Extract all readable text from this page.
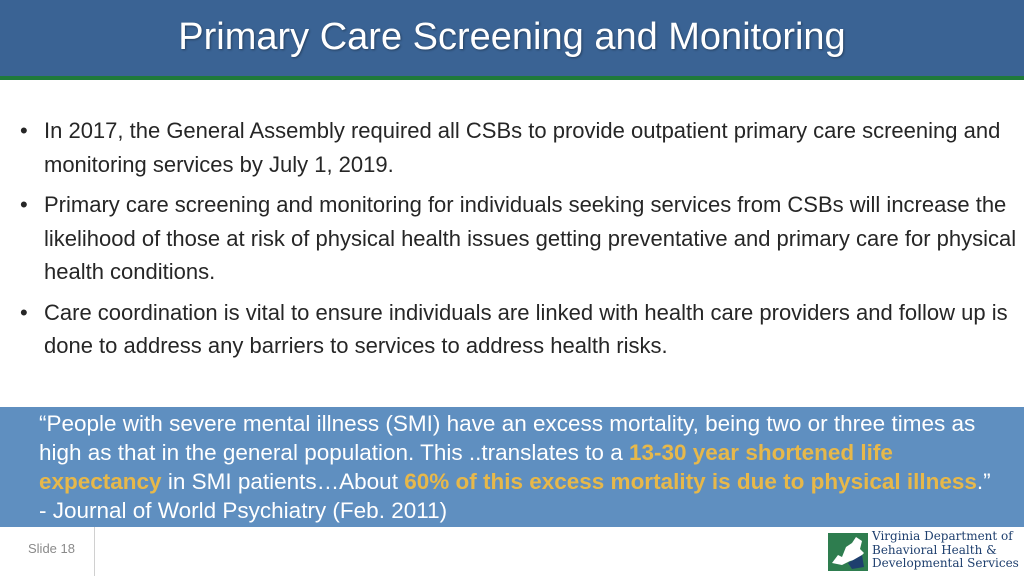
Primary Care Screening and Monitoring
• In 2017, the General Assembly required all CSBs to provide outpatient primary care screening and monitoring services by July 1, 2019.
• Primary care screening and monitoring for individuals seeking services from CSBs will increase the likelihood of those at risk of physical health issues getting preventative and primary care for physical health conditions.
• Care coordination is vital to ensure individuals are linked with health care providers and follow up is done to address any barriers to services to address health risks.

“People with severe mental illness (SMI) have an excess mortality, being two or three times as high as that in the general population. This ..translates to a 13-30 year shortened life expectancy in SMI patients…About 60% of this excess mortality is due to physical illness.” - Journal of World Psychiatry (Feb. 2011)

Slide 18
Virginia Department of
Behavioral Health &
Developmental Services
